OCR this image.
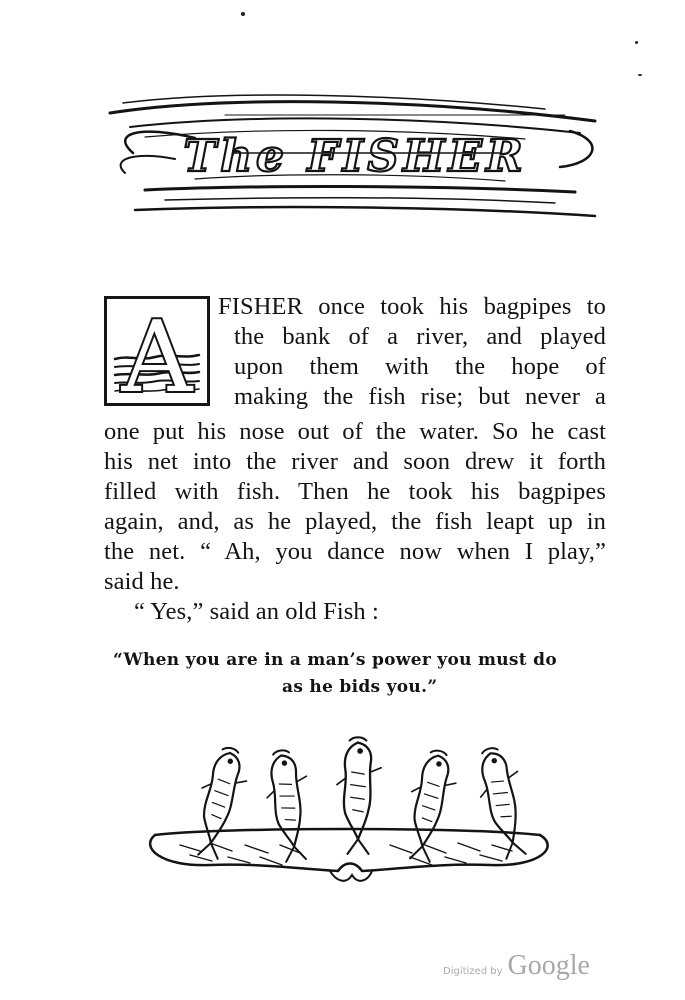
The FISHER
A FISHER once took his bagpipes to

the bank of a river, and played

upon them with the hope of

making the fish rise; but never a

one put his nose out of the water. So he cast

his net into the river and soon drew it forth

filled with fish. Then he took his bagpipes

again, and, as he played, the fish leapt up in

the net. “ Ah, you dance now when I play,”

said he.

“ Yes,” said an old Fish :

“When you are in a man’s power you must do

as he bids you.”

Digitized by Google
